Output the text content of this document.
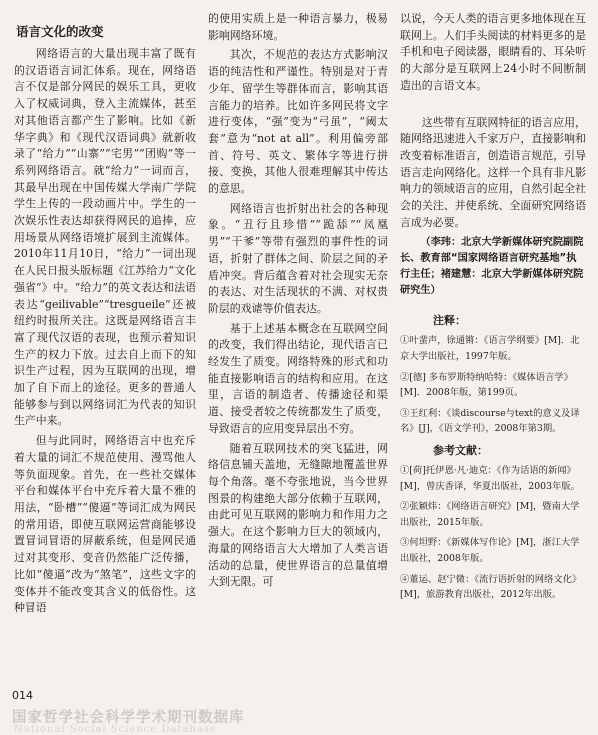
语言文化的改变

网络语言的大量出现丰富了既有的汉语语言词汇体系。现在，网络语言不仅是部分网民的娱乐工具，更收入了权威词典，登入主流媒体，甚至对其他语言都产生了影响。比如《新华字典》和《现代汉语词典》就新收录了“给力”“山寨”“宅男”“团购”等一系列网络语言。就“给力”一词而言，其最早出现在中国传媒大学南广学院学生上传的一段动画片中。学生的一次娱乐性表达却获得网民的追捧，应用场景从网络语境扩展到主流媒体。2010年11月10日，“给力”一词出现在人民日报头版标题《江苏给力“文化强省”》中。“给力”的英文表达和法语表达“geilivable”“tresgueile”还被纽约时报所关注。这既是网络语言丰富了现代汉语的表现，也预示着知识生产的权力下放。过去自上而下的知识生产过程，因为互联网的出现，增加了自下而上的途径。更多的普通人能够参与到以网络词汇为代表的知识生产中来。

但与此同时，网络语言中也充斥着大量的词汇不规范使用、漫骂他人等负面现象。首先，在一些社交媒体平台和媒体平台中充斥着大量不雅的用法，“卧槽”“傻逼”等词汇成为网民的常用语，即使互联网运营商能够设置冒词冒语的屏蔽系统，但是网民通过对其变形、变音仍然能广泛传播，比如“傻逼”改为“煞笔”，这些文字的变体并不能改变其含义的低俗性。这种冒语

的使用实质上是一种语言暴力，极易影响网络环境。

其次，不规范的表达方式影响汉语的纯洁性和严谨性。特别是对于青少年、留学生等群体而言，影响其语言能力的培养。比如许多网民将文字进行变体，“强”变为“弓虽”，“阈太套”意为“not at all”。利用偏旁部首、符号、英文、繁体字等进行拼接、变换，其他人很难理解其中传达的意思。

网络语言也折射出社会的各种现象。“丑行且珍惜”“跪舔”“凤凰男”“干爹”等带有强烈的事件性的词语，折射了群体之间、阶层之间的矛盾冲突。背后蕴含着对社会现实无奈的表达、对生活现状的不满、对权贵阶层的戏谑等价值表达。

基于上述基本概念在互联网空间的改变，我们得出结论，现代语言已经发生了质变。网络特殊的形式和功能直接影响语言的结构和应用。在这里，言语的制造者、传播途径和渠道、接受者较之传统都发生了质变，导致语言的应用变异层出不穷。

随着互联网技术的突飞猛进，网络信息铺天盖地，无缝隙地覆盖世界每个角落。毫不夸张地说，当今世界图景的构建绝大部分依赖于互联网，由此可见互联网的影响力和作用力之强大。在这个影响力巨大的领域内，海量的网络语言大大增加了人类言语活动的总量，使世界语言的总量值增大到无限。可

以说，今天人类的语言更多地体现在互联网上。人们手头阅读的材料更多的是手机和电子阅读器，眼睛看的、耳朵听的大部分是互联网上24小时不间断制造出的言语文本。

这些带有互联网特征的语言应用，随网络迅速进入千家万户，直接影响和改变着标准语言，创造语言规范，引导语言走向网络化。这样一个具有非凡影响力的领域语言的应用，自然引起全社会的关注、并使系统、全面研究网络语言成为必要。

（李玮：北京大学新媒体研究院副院长、教育部“国家网络语言研究基地”执行主任；褚建慧：北京大学新媒体研究院研究生）

注释：

①叶蜚声，徐通锵：《语言学纲要》[M]．北京大学出版社，1997年版。

②[德] 多布罗斯特纳哈特：《媒体语言学》[M]．2008年版，第199页。

③王红利：《谈discourse与text的意义及译名》[J]，《语文学刊》，2008年第3期。

参考文献：

①[荷]托伊恩·凡·迪克：《作为话语的新闻》[M]，曾庆香译，华夏出版社，2003年版。

②张颖炜：《网络语言研究》[M]，暨南大学出版社，2015年版。

③何坦野：《新媒体写作论》[M]，浙江大学出版社，2008年版。

④董运、赵宁微：《流行语折射的网络文化》[M]，旅游教育出版社，2012年出版。

014
国家哲学社会科学学术期刊数据库
National Social Science Database
